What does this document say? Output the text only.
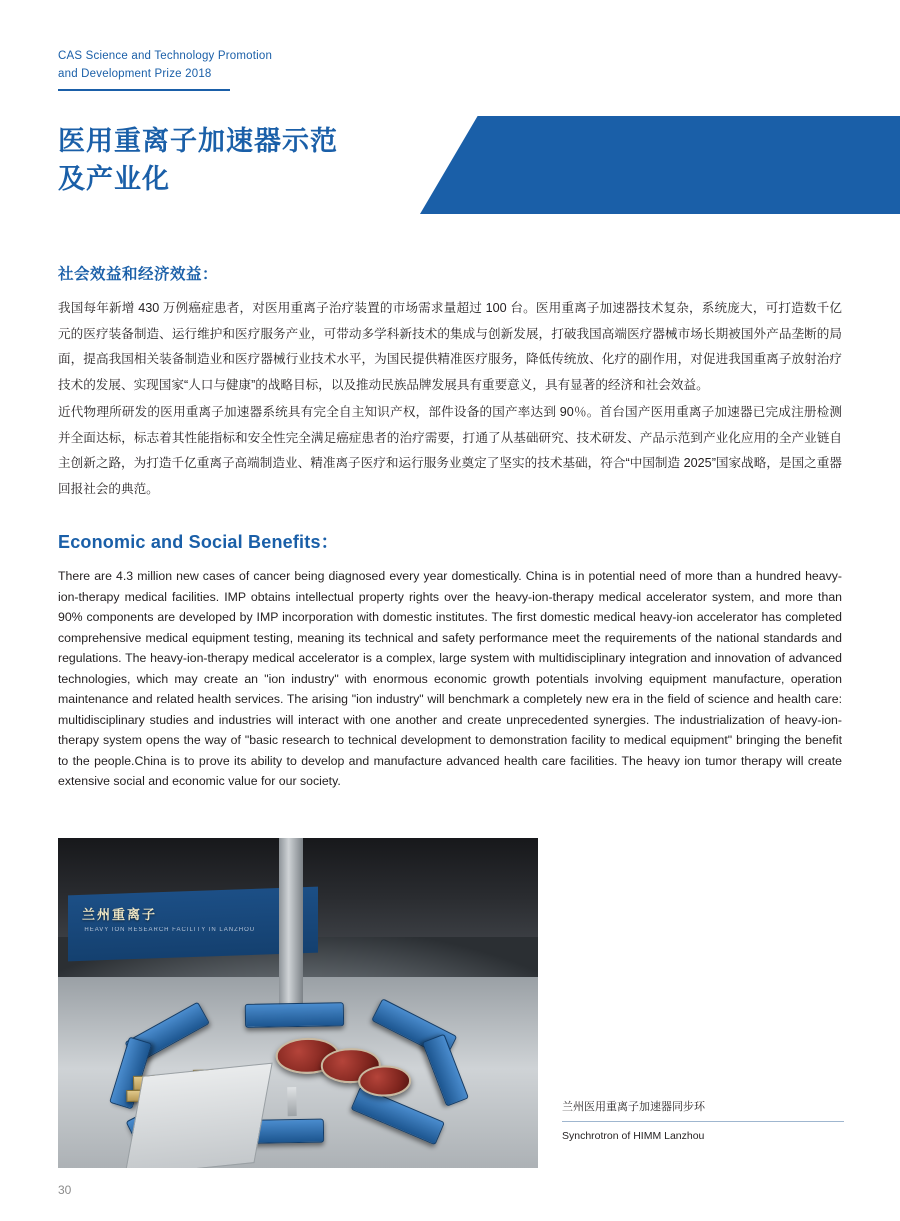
CAS Science and Technology Promotion
and Development Prize 2018
医用重离子加速器示范
及产业化
社会效益和经济效益：

我国每年新增 430 万例癌症患者，对医用重离子治疗装置的市场需求量超过 100 台。医用重离子加速器技术复杂，系统庞大，可打造数千亿元的医疗装备制造、运行维护和医疗服务产业，可带动多学科新技术的集成与创新发展，打破我国高端医疗器械市场长期被国外产品垄断的局面，提高我国相关装备制造业和医疗器械行业技术水平，为国民提供精准医疗服务，降低传统放、化疗的副作用，对促进我国重离子放射治疗技术的发展、实现国家“人口与健康”的战略目标，以及推动民族品牌发展具有重要意义，具有显著的经济和社会效益。

近代物理所研发的医用重离子加速器系统具有完全自主知识产权，部件设备的国产率达到 90％。首台国产医用重离子加速器已完成注册检测并全面达标，标志着其性能指标和安全性完全满足癌症患者的治疗需要，打通了从基础研究、技术研发、产品示范到产业化应用的全产业链自主创新之路，为打造千亿重离子高端制造业、精准离子医疗和运行服务业奠定了坚实的技术基础，符合“中国制造 2025”国家战略，是国之重器回报社会的典范。

Economic and Social Benefits：

There are 4.3 million new cases of cancer being diagnosed every year domestically. China is in potential need of more than a hundred heavy-ion-therapy medical facilities. IMP obtains intellectual property rights over the heavy-ion-therapy medical accelerator system, and more than 90% components are developed by IMP incorporation with domestic institutes. The first domestic medical heavy-ion accelerator has completed comprehensive medical equipment testing, meaning its technical and safety performance meet the requirements of the national standards and regulations. The heavy-ion-therapy medical accelerator is a complex, large system with multidisciplinary integration and innovation of advanced technologies, which may create an "ion industry" with enormous economic growth potentials involving equipment manufacture, operation maintenance and related health services. The arising "ion industry" will benchmark a completely new era in the field of science and health care: multidisciplinary studies and industries will interact with one another and create unprecedented synergies. The industrialization of heavy-ion-therapy system opens the way of "basic research to technical development to demonstration facility to medical equipment" bringing the benefit to the people.China is to prove its ability to develop and manufacture advanced health care facilities. The heavy ion tumor therapy will create extensive social and economic value for our society.

兰州重离子
HEAVY ION RESEARCH FACILITY IN LANZHOU
兰州医用重离子加速器同步环
Synchrotron of HIMM Lanzhou
30
